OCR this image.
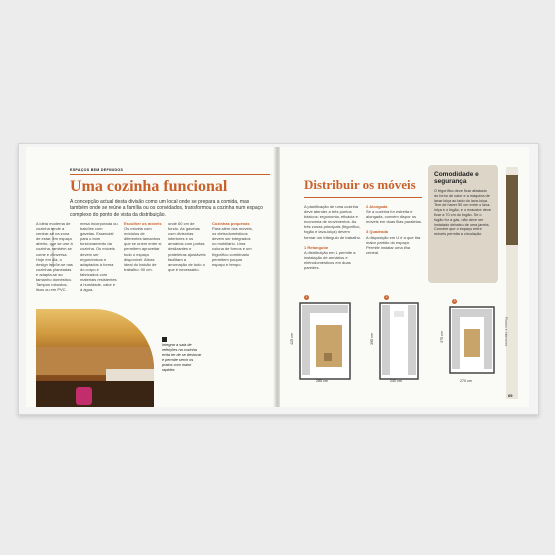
Guia prático de Interiores
ESPAÇOS BEM DEFINIDOS
Uma cozinha funcional
A concepção actual desta divisão como um local onde se prepara a comida, mas também onde se reúne a família ou os convidados, transformou a cozinha num espaço complexo do ponto de vista da distribuição.
A ideia moderna de cozinha tende a centrar-se na zona de estar, em espaço aberto, que se une à cozinha, também se come e conversa. Hoje em dia, o design impõe-se nas cozinhas planeadas e adapta-se ao tamanho doméstico. Tampos robustos, lisos ou em PVC.
mesa incorporada ou balcões com gavetas. Essencial para o bom funcionamento da cozinha. Os móveis devem ser ergonómicos e adaptados à forma do corpo e fabricados com materiais resistentes à humidade, calor e à água.
Escolher os móveis
Os móveis com módulos de diferentes tamanhos que se unem entre si permitem aproveitar todo o espaço disponível. Altura ideal do balcão de trabalho: 90 cm.
onde 60 cm de fundo. As gavetas com divisórias interiores e os armários com portas deslizantes e prateleiras ajustáveis facilitam a arrumação de tudo o que é necessário.
Cozinhas pequenas
Para além dos móveis, os eletrodomésticos devem ser integrados no mobiliário. Uma coluna de fornos e um frigorífico combinado permitem poupar espaço e tempo.
Integrar a sala de refeições na cozinha evita ter de se deslocar e permite servir os pratos com maior rapidez.
Distribuir os móveis
A planificação de uma cozinha deve atender a três pontos básicos: ergonomia, eficácia e economia de movimentos. As três zonas principais (frigorífico, fogão e lava-loiça) devem formar um triângulo de trabalho.

1 Retangular
A distribuição em L permite a instalação de armários e eletrodomésticos em duas paredes.
2 Alongada
Se a cozinha for estreita e alongada, convém dispor os móveis em duas filas paralelas.

3 Quadrada
A disposição em U é a que tira maior partido do espaço. Permite instalar uma ilha central.
Comodidade e segurança
O frigorífico deve ficar afastado do forno de calor e a máquina de lavar loiça ao lado do lava-loiça. Tem de haver 50 cm entre o lava-loiça e o fogão, e o exaustor deve ficar a 70 cm do fogão. Se o fogão for a gás, não deve ser instalado debaixo de uma janela. Convém que o espaço entre móveis permita a circulação.
Planos e Interiores
69
1
285 cm
425 cm
2
240 cm
395 cm
3
270 cm
375 cm
